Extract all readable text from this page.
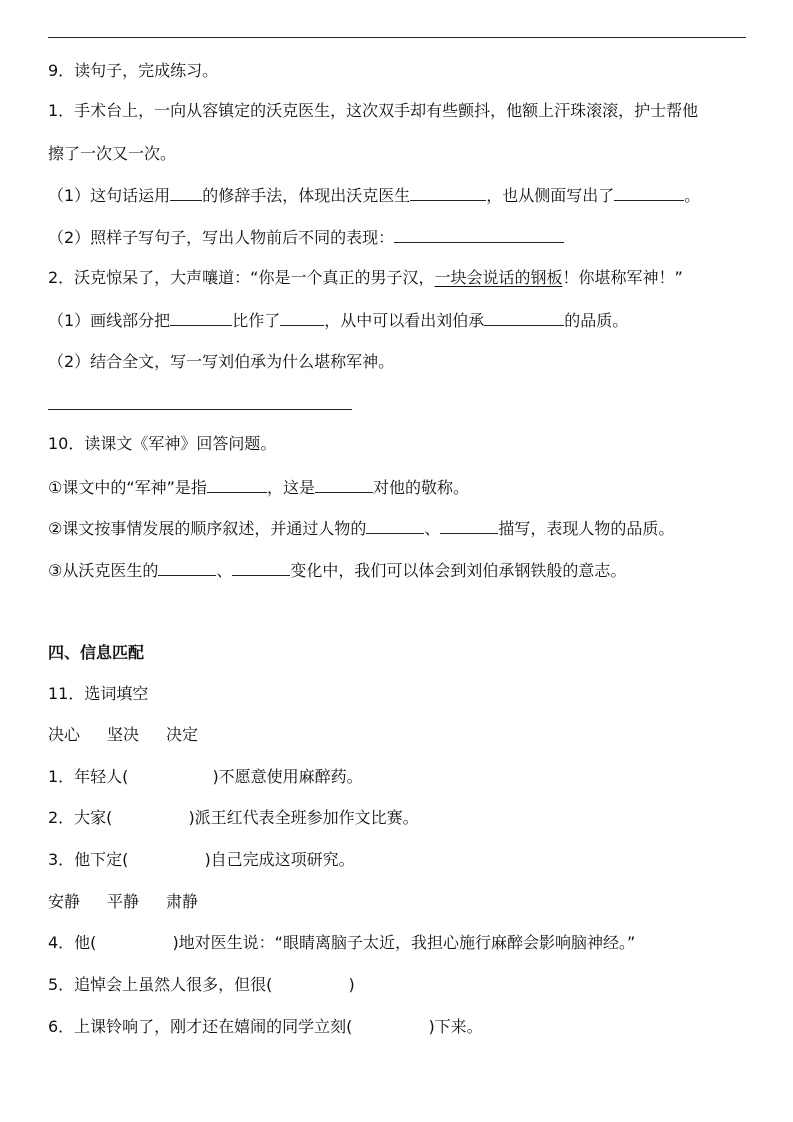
9．读句子，完成练习。
1．手术台上，一向从容镇定的沃克医生，这次双手却有些颤抖，他额上汗珠滚滚，护士帮他
擦了一次又一次。
（1）这句话运用 的修辞手法，体现出沃克医生	，也从侧面写出了	。
（2）照样子写句子，写出人物前后不同的表现：
2．沃克惊呆了，大声嚷道：“你是一个真正的男子汉，一块会说话的钢板！你堪称军神！”
（1）画线部分把	比作了	，从中可以看出刘伯承	的品质。
（2）结合全文，写一写刘伯承为什么堪称军神。
10．读课文《军神》回答问题。
①课文中的“军神”是指	，这是	对他的敬称。
②课文按事情发展的顺序叙述，并通过人物的	、	描写，表现人物的品质。
③从沃克医生的	、	变化中，我们可以体会到刘伯承钢铁般的意志。
四、信息匹配
11．选词填空
决心 坚决 决定
1．年轻人(	)不愿意使用麻醉药。
2．大家(	)派王红代表全班参加作文比赛。
3．他下定(	)自己完成这项研究。
安静 平静 肃静
4．他(	)地对医生说：“眼睛离脑子太近，我担心施行麻醉会影响脑神经。”
5．追悼会上虽然人很多，但很(	)
6．上课铃响了，刚才还在嬉闹的同学立刻(	)下来。
